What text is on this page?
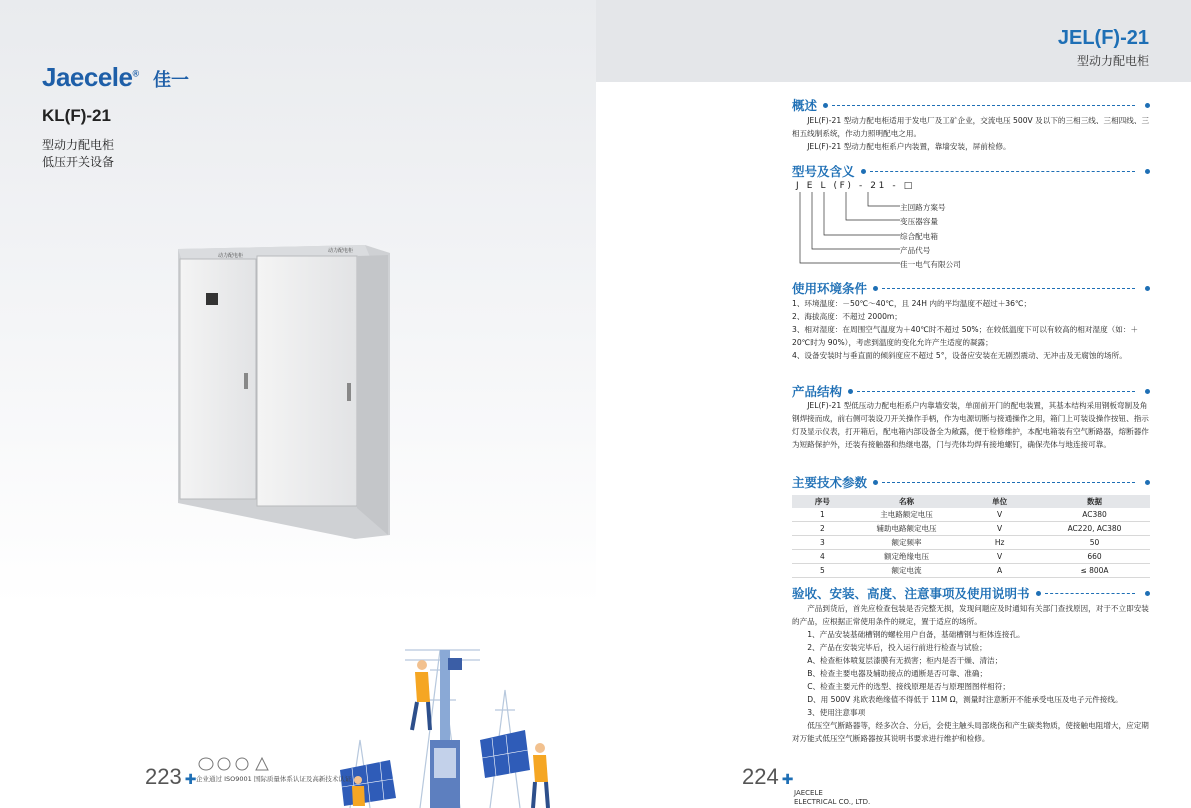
Jaecele® 佳一
KL(F)-21
型动力配电柜
低压开关设备
动力配电柜
动力配电柜
223 ✚ 企业通过 ISO9001 国际质量体系认证及高新技术认证
JEL(F)-21
型动力配电柜
概述

JEL(F)-21 型动力配电柜适用于发电厂及工矿企业，交流电压 500V 及以下的三相三线、三相四线、三相五线制系统，作动力照明配电之用。

JEL(F)-21 型动力配电柜系户内装置，靠墙安装，屏前检修。

型号及含义
J E L (F) - 21 - □
主回路方案号
变压器容量
综合配电箱
产品代号
佳一电气有限公司
使用环境条件

1、环境温度：－50℃～40℃，且 24H 内的平均温度不超过＋36℃；

2、海拔高度：不超过 2000m；

3、相对湿度：在周围空气温度为＋40℃时不超过 50%；在较低温度下可以有较高的相对湿度（如：＋20℃时为 90%），考虑到温度的变化允许产生适度的凝露；

4、设备安装时与垂直面的倾斜度应不超过 5°，设备应安装在无剧烈震动、无冲击及无腐蚀的场所。

产品结构

JEL(F)-21 型低压动力配电柜系户内靠墙安装，单面前开门的配电装置，其基本结构采用钢板弯制及角钢焊接而成，前右侧可装设刀开关操作手柄，作为电源切断与接通操作之用，箱门上可装设操作按钮、指示灯及显示仪表，打开箱后，配电箱内部设备全为敞露，便于检修维护，本配电箱装有空气断路器，熔断器作为短路保护外，还装有接触器和热继电器，门与壳体均焊有接地螺钉，确保壳体与地连接可靠。

主要技术参数
序号	名称	单位	数据
1	主电路额定电压	V	AC380
2	辅助电路额定电压	V	AC220, AC380
3	额定频率	Hz	50
4	额定绝缘电压	V	660
5	额定电流	A	≤ 800A
验收、安装、高度、注意事项及使用说明书

产品到货后，首先应检查包装是否完整无损，发现问题应及时通知有关部门查找原因，对于不立即安装的产品，应根据正常使用条件的规定，置于适应的场所。

1、产品安装基础槽钢的螺栓用户自备，基础槽钢与柜体连接孔。

2、产品在安装完毕后，投入运行前进行检查与试验；

A、检查柜体喷复层漆膜有无损害；柜内是否干燥、清洁；

B、检查主要电器及辅助接点的通断是否可靠、准确；

C、检查主要元件的选型、接线原理是否与原理图图样相符；

D、用 500V 兆欧表绝缘值不得低于 11M Ω，测量时注意断开不能承受电压及电子元件接线。

3、使用注意事项

低压空气断路器等，经多次合、分后，会使主触头局部烧伤和产生碳类物质，使接触电阻增大，应定期对万能式低压空气断路器按其说明书要求进行维护和检修。

224 ✚
JAECELE
ELECTRICAL CO., LTD.
